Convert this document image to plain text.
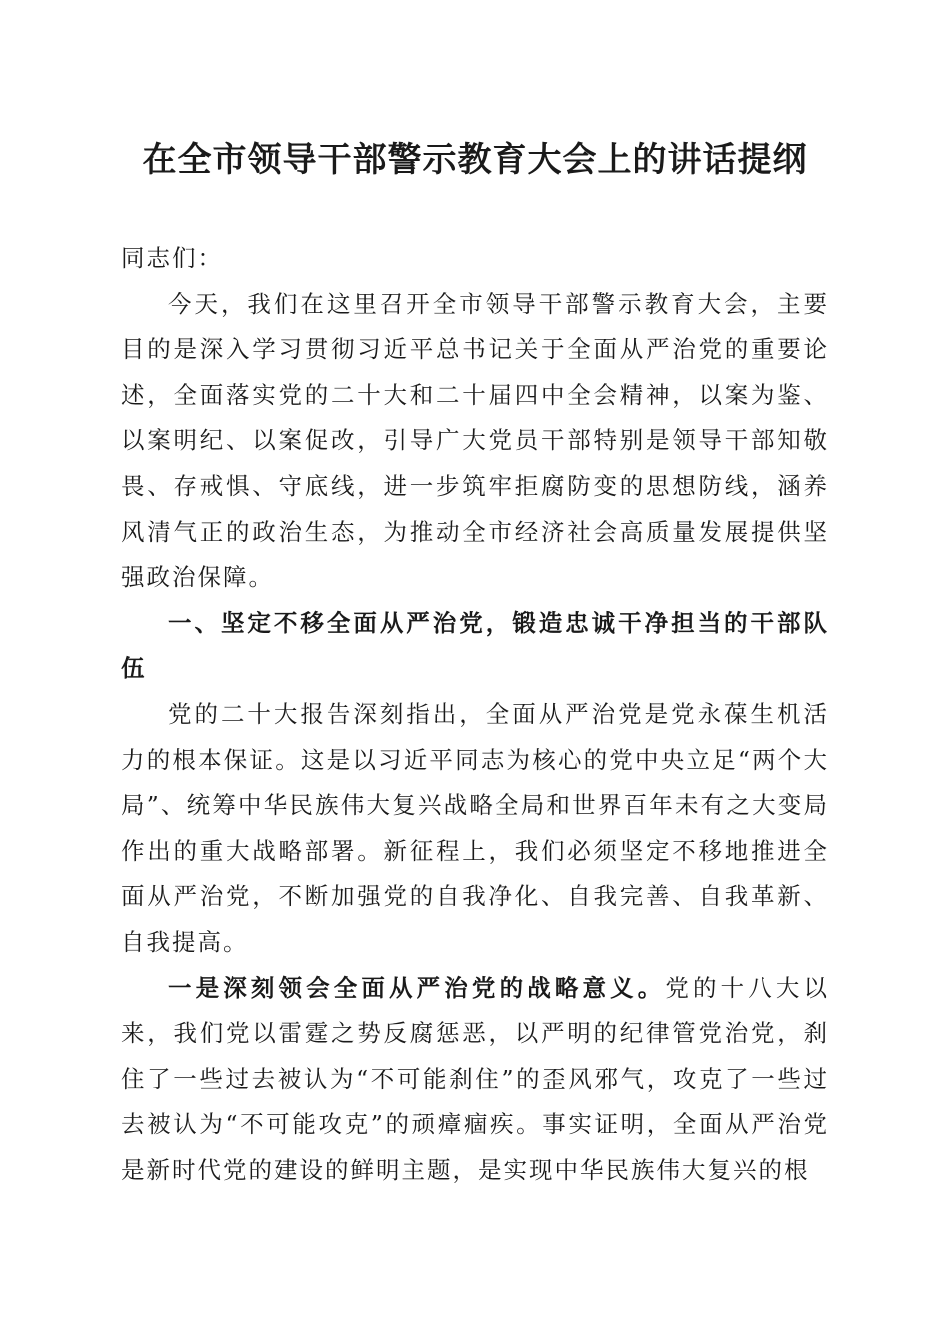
在全市领导干部警示教育大会上的讲话提纲

同志们：

今天，我们在这里召开全市领导干部警示教育大会，主要目的是深入学习贯彻习近平总书记关于全面从严治党的重要论述，全面落实党的二十大和二十届四中全会精神，以案为鉴、以案明纪、以案促改，引导广大党员干部特别是领导干部知敬畏、存戒惧、守底线，进一步筑牢拒腐防变的思想防线，涵养风清气正的政治生态，为推动全市经济社会高质量发展提供坚强政治保障。

一、坚定不移全面从严治党，锻造忠诚干净担当的干部队伍

党的二十大报告深刻指出，全面从严治党是党永葆生机活力的根本保证。这是以习近平同志为核心的党中央立足“两个大局”、统筹中华民族伟大复兴战略全局和世界百年未有之大变局作出的重大战略部署。新征程上，我们必须坚定不移地推进全面从严治党，不断加强党的自我净化、自我完善、自我革新、自我提高。

一是深刻领会全面从严治党的战略意义。党的十八大以来，我们党以雷霆之势反腐惩恶，以严明的纪律管党治党，刹住了一些过去被认为“不可能刹住”的歪风邪气，攻克了一些过去被认为“不可能攻克”的顽瘴痼疾。事实证明，全面从严治党是新时代党的建设的鲜明主题，是实现中华民族伟大复兴的根
